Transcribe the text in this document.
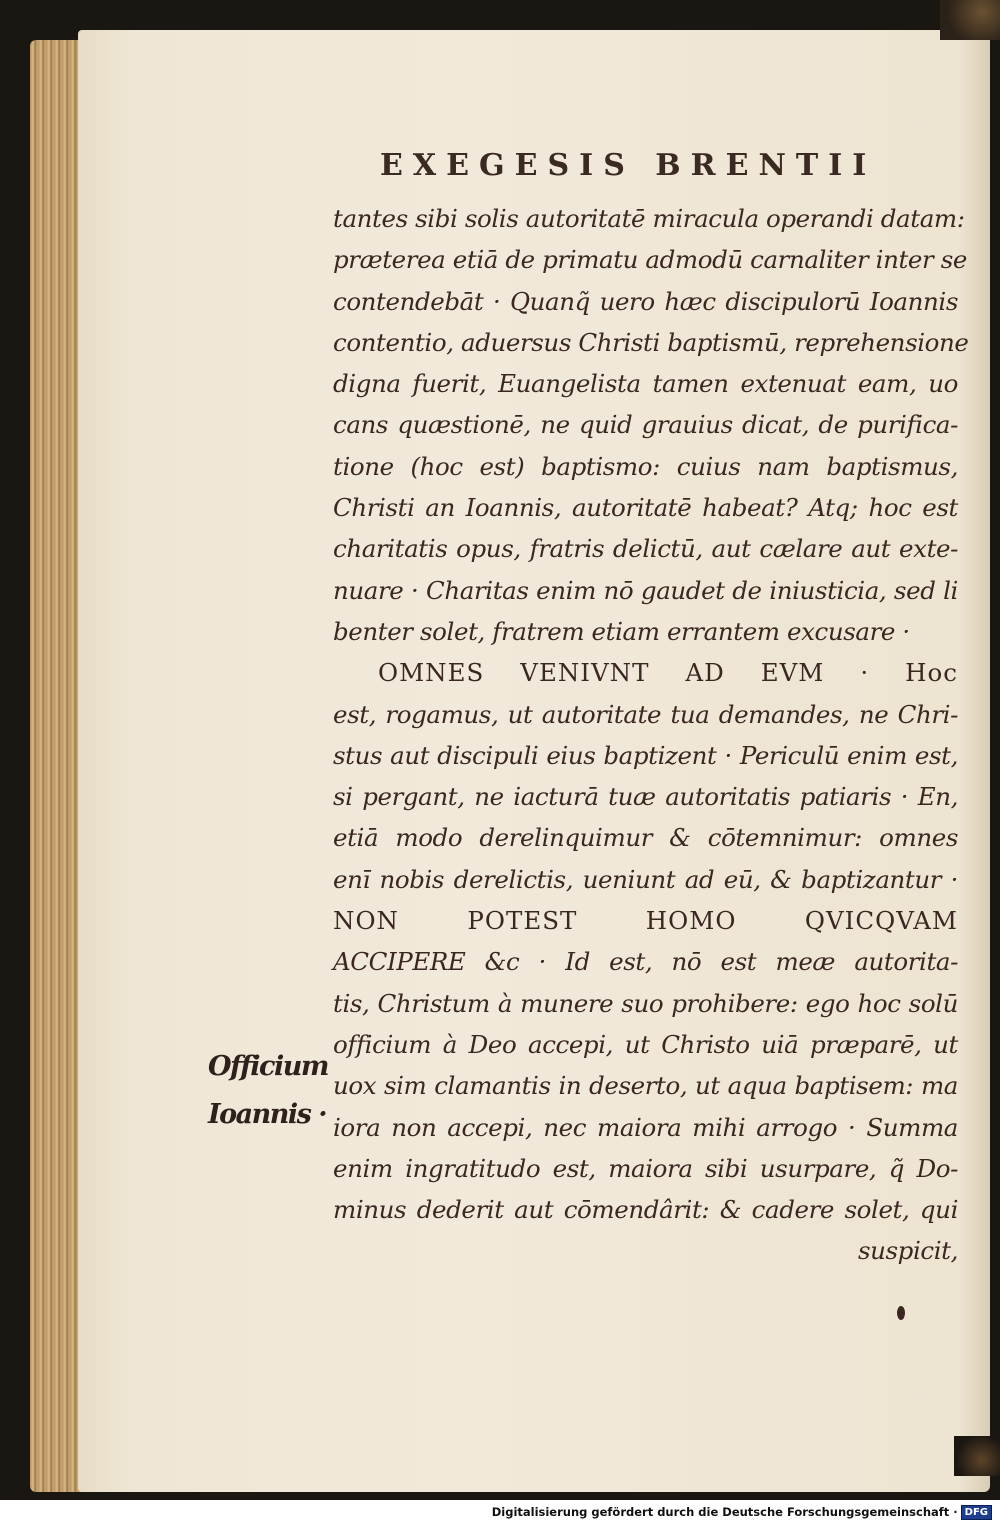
EXEGESIS BRENTII
tantes sibi solis autoritatē miracula operandi datam:
præterea etiā de primatu admodū carnaliter inter se
contendebāt · Quanq̃ uero hæc discipulorū Ioannis
contentio, aduersus Christi baptismū, reprehensione
digna fuerit, Euangelista tamen extenuat eam, uo
cans quæstionē, ne quid grauius dicat, de purifica-
tione (hoc est) baptismo: cuius nam baptismus,
Christi an Ioannis, autoritatē habeat? Atq; hoc est
charitatis opus, fratris delictū, aut cælare aut exte-
nuare · Charitas enim nō gaudet de iniusticia, sed li
benter solet, fratrem etiam errantem excusare ·
OMNES VENIVNT AD EVM · Hoc
est, rogamus, ut autoritate tua demandes, ne Chri-
stus aut discipuli eius baptizent · Periculū enim est,
si pergant, ne iacturā tuæ autoritatis patiaris · En,
etiā modo derelinquimur & cōtemnimur: omnes
enī nobis derelictis, ueniunt ad eū, & baptizantur ·
NON POTEST HOMO QVICQVAM
ACCIPERE &c · Id est, nō est meæ autorita-
tis, Christum à munere suo prohibere: ego hoc solū
officium à Deo accepi, ut Christo uiā præparē, ut
uox sim clamantis in deserto, ut aqua baptisem: ma
iora non accepi, nec maiora mihi arrogo · Summa
enim ingratitudo est, maiora sibi usurpare, q̃ Do-
minus dederit aut cōmendârit: & cadere solet, qui
suspicit,
Officium
Ioannis ·
Digitalisierung gefördert durch die Deutsche Forschungsgemeinschaft · DFG
